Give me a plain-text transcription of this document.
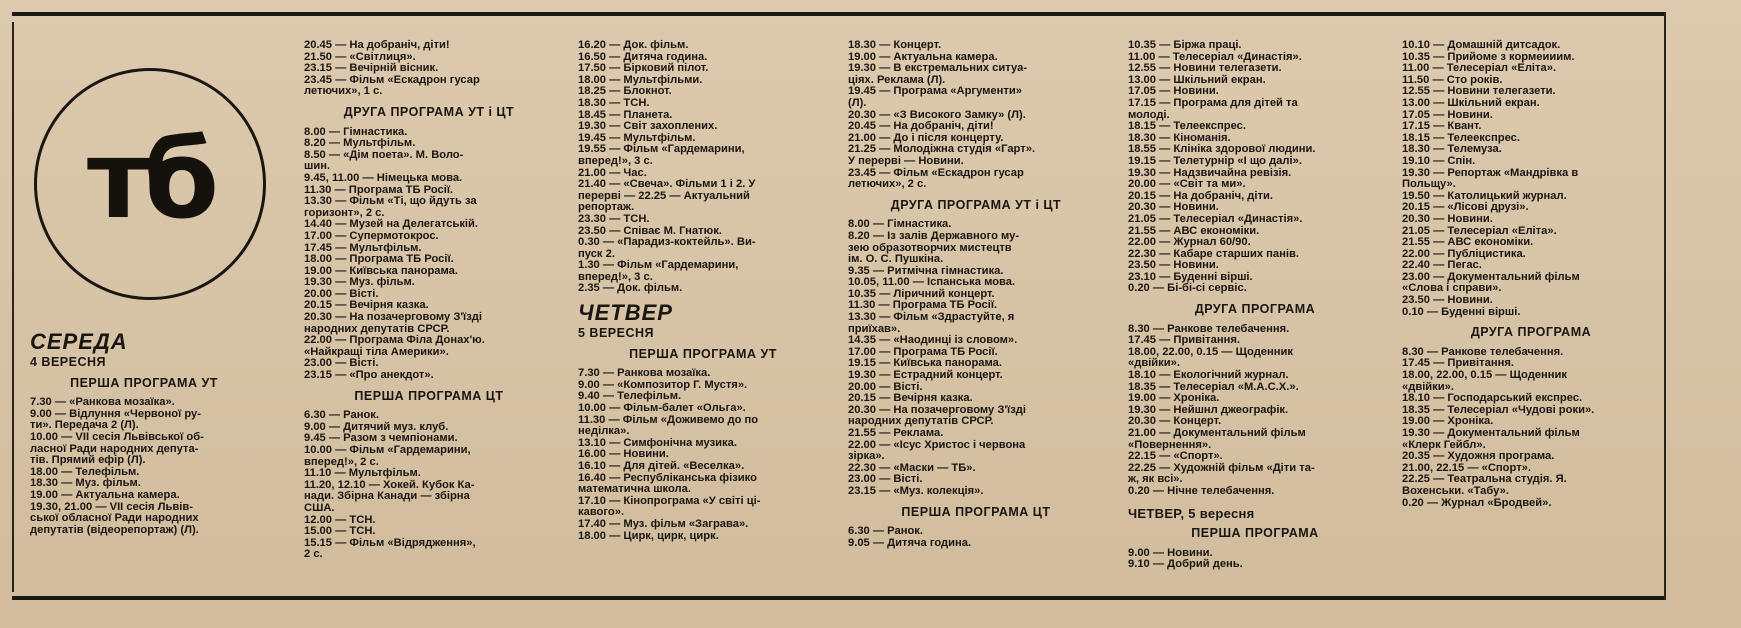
тб
СЕРЕДА
4 ВЕРЕСНЯ
ПЕРША ПРОГРАМА УТ
7.30 — «Ранкова мозаїка».
9.00 — Відлуння «Червоної ру-
ти». Передача 2 (Л).
10.00 — VII сесія Львівської об-
ласної Ради народних депута-
тів. Прямий ефір (Л).
18.00 — Телефільм.
18.30 — Муз. фільм.
19.00 — Актуальна камера.
19.30, 21.00 — VII сесія Львів-
ської обласної Ради народних
депутатів (відеорепортаж) (Л).
20.45 — На добраніч, діти!
21.50 — «Світлиця».
23.15 — Вечірній вісник.
23.45 — Фільм «Ескадрон гусар
летючих», 1 с.
ДРУГА ПРОГРАМА УТ і ЦТ
8.00 — Гімнастика.
8.20 — Мультфільм.
8.50 — «Дім поета». М. Воло-
шин.
9.45, 11.00 — Німецька мова.
11.30 — Програма ТБ Росії.
13.30 — Фільм «Ті, що йдуть за
горизонт», 2 с.
14.40 — Музей на Делегатській.
17.00 — Супермотокрос.
17.45 — Мультфільм.
18.00 — Програма ТБ Росії.
19.00 — Київська панорама.
19.30 — Муз. фільм.
20.00 — Вісті.
20.15 — Вечірня казка.
20.30 — На позачерговому З'їзді
народних депутатів СРСР.
22.00 — Програма Філа Донах'ю.
«Найкращі тіла Америки».
23.00 — Вісті.
23.15 — «Про анекдот».
ПЕРША ПРОГРАМА ЦТ
6.30 — Ранок.
9.00 — Дитячий муз. клуб.
9.45 — Разом з чемпіонами.
10.00 — Фільм «Гардемарини,
вперед!», 2 с.
11.10 — Мультфільм.
11.20, 12.10 — Хокей. Кубок Ка-
нади. Збірна Канади — збірна
США.
12.00 — ТСН.
15.00 — ТСН.
15.15 — Фільм «Відрядження»,
2 с.
16.20 — Док. фільм.
16.50 — Дитяча година.
17.50 — Бірковий пілот.
18.00 — Мультфільми.
18.25 — Блокнот.
18.30 — ТСН.
18.45 — Планета.
19.30 — Світ захоплених.
19.45 — Мультфільм.
19.55 — Фільм «Гардемарини,
вперед!», 3 с.
21.00 — Час.
21.40 — «Свеча». Фільми 1 і 2. У
перерві — 22.25 — Актуальний
репортаж.
23.30 — ТСН.
23.50 — Співає М. Гнатюк.
0.30 — «Парадиз-коктейль». Ви-
пуск 2.
1.30 — Фільм «Гардемарини,
вперед!», 3 с.
2.35 — Док. фільм.
ЧЕТВЕР
5 ВЕРЕСНЯ
ПЕРША ПРОГРАМА УТ
7.30 — Ранкова мозаїка.
9.00 — «Композитор Г. Мустя».
9.40 — Телефільм.
10.00 — Фільм-балет «Ольга».
11.30 — Фільм «Доживемо до по
неділка».
13.10 — Симфонічна музика.
16.00 — Новини.
16.10 — Для дітей. «Веселка».
16.40 — Республіканська фізико
математична школа.
17.10 — Кінопрограма «У світі ці-
кавого».
17.40 — Муз. фільм «Заграва».
18.00 — Цирк, цирк, цирк.
18.30 — Концерт.
19.00 — Актуальна камера.
19.30 — В екстремальних ситуа-
ціях. Реклама (Л).
19.45 — Програма «Аргументи»
(Л).
20.30 — «З Високого Замку» (Л).
20.45 — На добраніч, діти!
21.00 — До і після концерту.
21.25 — Молодіжна студія «Гарт».
У перерві — Новини.
23.45 — Фільм «Ескадрон гусар
летючих», 2 с.
ДРУГА ПРОГРАМА УТ і ЦТ
8.00 — Гімнастика.
8.20 — Із залів Державного му-
зею образотворчих мистецтв
ім. О. С. Пушкіна.
9.35 — Ритмічна гімнастика.
10.05, 11.00 — Іспанська мова.
10.35 — Ліричний концерт.
11.30 — Програма ТБ Росії.
13.30 — Фільм «Здрастуйте, я
приїхав».
14.35 — «Наодинці із словом».
17.00 — Програма ТБ Росії.
19.15 — Київська панорама.
19.30 — Естрадний концерт.
20.00 — Вісті.
20.15 — Вечірня казка.
20.30 — На позачерговому З'їзді
народних депутатів СРСР.
21.55 — Реклама.
22.00 — «Ісус Христос і червона
зірка».
22.30 — «Маски — ТБ».
23.00 — Вісті.
23.15 — «Муз. колекція».
ПЕРША ПРОГРАМА ЦТ
6.30 — Ранок.
9.05 — Дитяча година.
10.35 — Біржа праці.
11.00 — Телесеріал «Династія».
12.55 — Новини телегазети.
13.00 — Шкільний екран.
17.05 — Новини.
17.15 — Програма для дітей та
молоді.
18.15 — Телеекспрес.
18.30 — Кіноманія.
18.55 — Клініка здорової людини.
19.15 — Телетурнір «І що далі».
19.30 — Надзвичайна ревізія.
20.00 — «Світ та ми».
20.15 — На добраніч, діти.
20.30 — Новини.
21.05 — Телесеріал «Династія».
21.55 — АВС економіки.
22.00 — Журнал 60/90.
22.30 — Кабаре старших панів.
23.50 — Новини.
23.10 — Буденні вірші.
0.20 — Бі-бі-сі сервіс.
ДРУГА ПРОГРАМА
8.30 — Ранкове телебачення.
17.45 — Привітання.
18.00, 22.00, 0.15 — Щоденник
«двійки».
18.10 — Екологічний журнал.
18.35 — Телесеріал «М.А.С.Х.».
19.00 — Хроніка.
19.30 — Нейшнл джеографік.
20.30 — Концерт.
21.00 — Документальний фільм
«Повернення».
22.15 — «Спорт».
22.25 — Художній фільм «Діти та-
ж, як всі».
0.20 — Нічне телебачення.
ЧЕТВЕР, 5 вересня
ПЕРША ПРОГРАМА
9.00 — Новини.
9.10 — Добрий день.
10.10 — Домашній дитсадок.
10.35 — Прийоме з кормеииим.
11.00 — Телесеріал «Еліта».
11.50 — Сто років.
12.55 — Новини телегазети.
13.00 — Шкільний екран.
17.05 — Новини.
17.15 — Квант.
18.15 — Телеекспрес.
18.30 — Телемуза.
19.10 — Спін.
19.30 — Репортаж «Мандрівка в
Польщу».
19.50 — Католицький журнал.
20.15 — «Лісові друзі».
20.30 — Новини.
21.05 — Телесеріал «Еліта».
21.55 — АВС економіки.
22.00 — Публіцистика.
22.40 — Пегас.
23.00 — Документальний фільм
«Слова і справи».
23.50 — Новини.
0.10 — Буденні вірші.
ДРУГА ПРОГРАМА
8.30 — Ранкове телебачення.
17.45 — Привітання.
18.00, 22.00, 0.15 — Щоденник
«двійки».
18.10 — Господарський експрес.
18.35 — Телесеріал «Чудові роки».
19.00 — Хроніка.
19.30 — Документальний фільм
«Клерк Гейбл».
20.35 — Художня програма.
21.00, 22.15 — «Спорт».
22.25 — Театральна студія. Я.
Вохенськи. «Табу».
0.20 — Журнал «Бродвей».
